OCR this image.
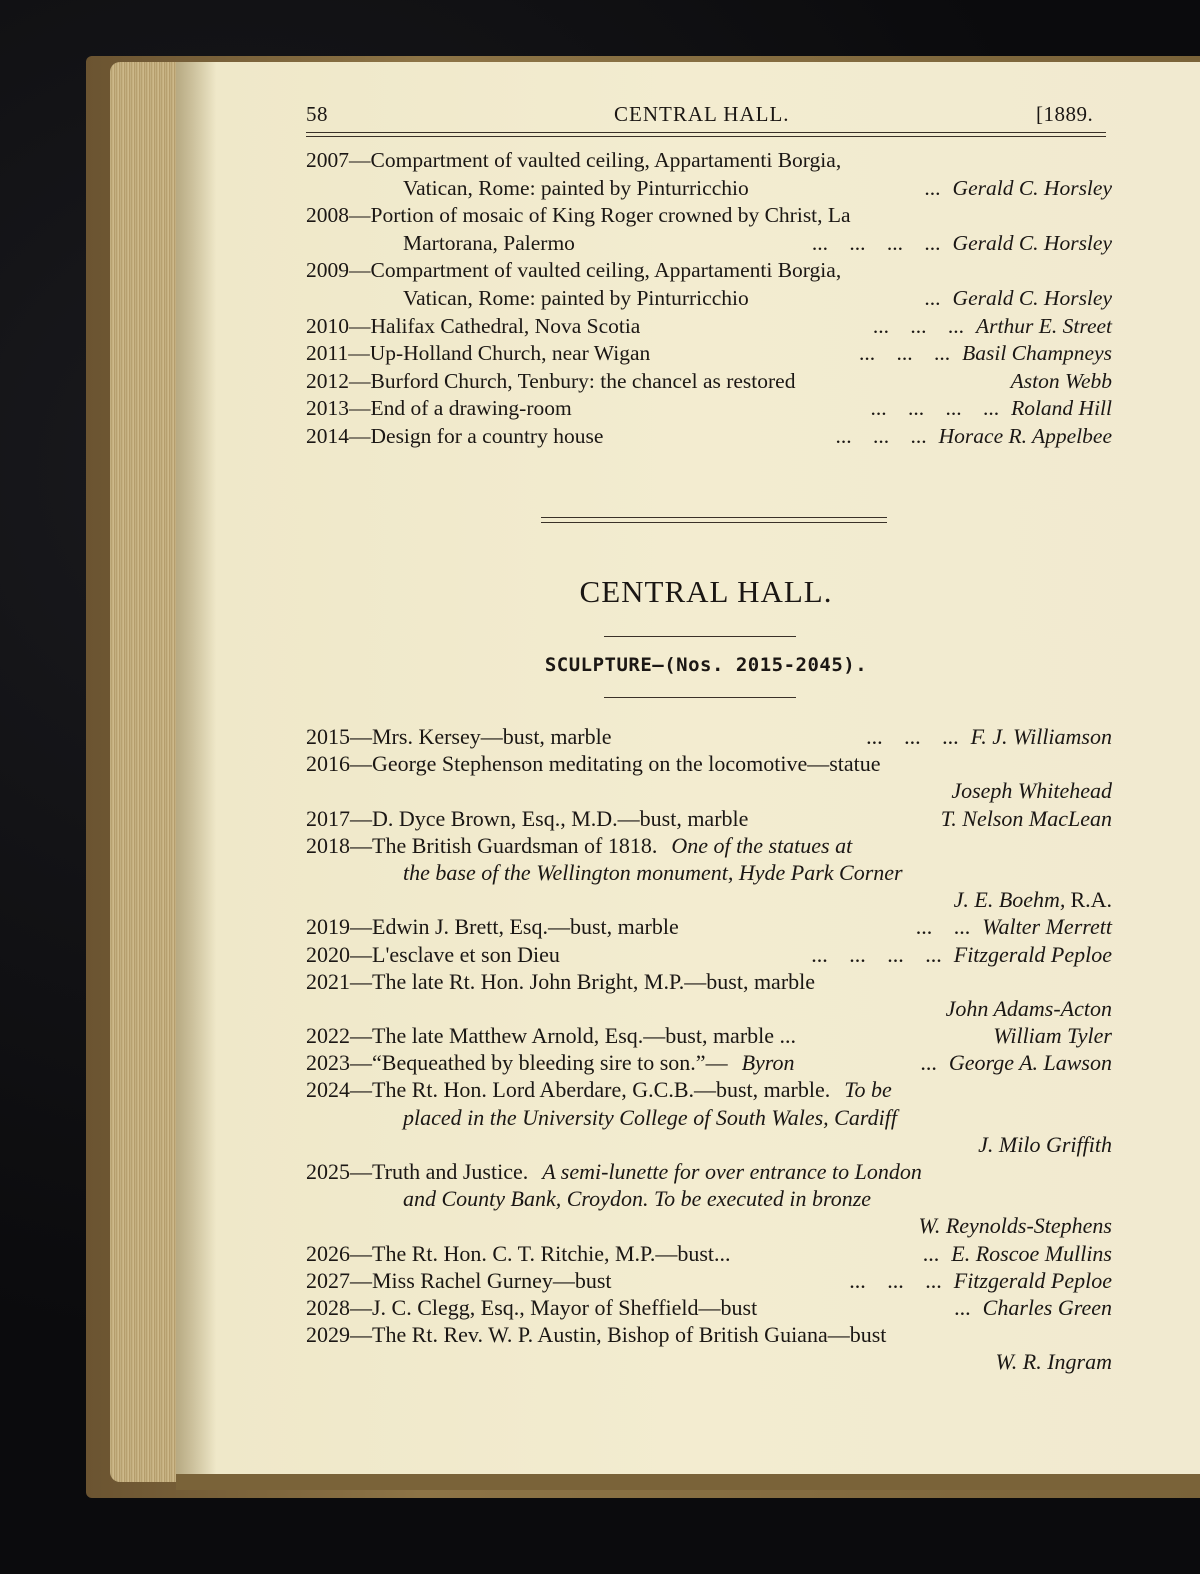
58	CENTRAL HALL.	[1889.
2007—Compartment of vaulted ceiling, Appartamenti Borgia,
Vatican, Rome: painted by Pinturricchio	... Gerald C. Horsley
2008—Portion of mosaic of King Roger crowned by Christ, La
Martorana, Palermo	... ... ... ... Gerald C. Horsley
2009—Compartment of vaulted ceiling, Appartamenti Borgia,
Vatican, Rome: painted by Pinturricchio	... Gerald C. Horsley
2010—Halifax Cathedral, Nova Scotia	... ... ... Arthur E. Street
2011—Up-Holland Church, near Wigan	... ... ... Basil Champneys
2012—Burford Church, Tenbury: the chancel as restored	Aston Webb
2013—End of a drawing-room	... ... ... ... Roland Hill
2014—Design for a country house	... ... ... Horace R. Appelbee
CENTRAL HALL.
SCULPTURE—(Nos. 2015-2045).
2015—Mrs. Kersey—bust, marble	... ... ... F. J. Williamson
2016—George Stephenson meditating on the locomotive—statue
Joseph Whitehead
2017—D. Dyce Brown, Esq., M.D.—bust, marble	T. Nelson MacLean
2018—The British Guardsman of 1818. One of the statues at
the base of the Wellington monument, Hyde Park Corner
J. E. Boehm, R.A.
2019—Edwin J. Brett, Esq.—bust, marble	... ... Walter Merrett
2020—L'esclave et son Dieu	... ... ... ... Fitzgerald Peploe
2021—The late Rt. Hon. John Bright, M.P.—bust, marble
John Adams-Acton
2022—The late Matthew Arnold, Esq.—bust, marble ...	William Tyler
2023—“Bequeathed by bleeding sire to son.”— Byron	... George A. Lawson
2024—The Rt. Hon. Lord Aberdare, G.C.B.—bust, marble. To be
placed in the University College of South Wales, Cardiff
J. Milo Griffith
2025—Truth and Justice. A semi-lunette for over entrance to London
and County Bank, Croydon. To be executed in bronze
W. Reynolds-Stephens
2026—The Rt. Hon. C. T. Ritchie, M.P.—bust...	... E. Roscoe Mullins
2027—Miss Rachel Gurney—bust	... ... ... Fitzgerald Peploe
2028—J. C. Clegg, Esq., Mayor of Sheffield—bust	... Charles Green
2029—The Rt. Rev. W. P. Austin, Bishop of British Guiana—bust
W. R. Ingram
